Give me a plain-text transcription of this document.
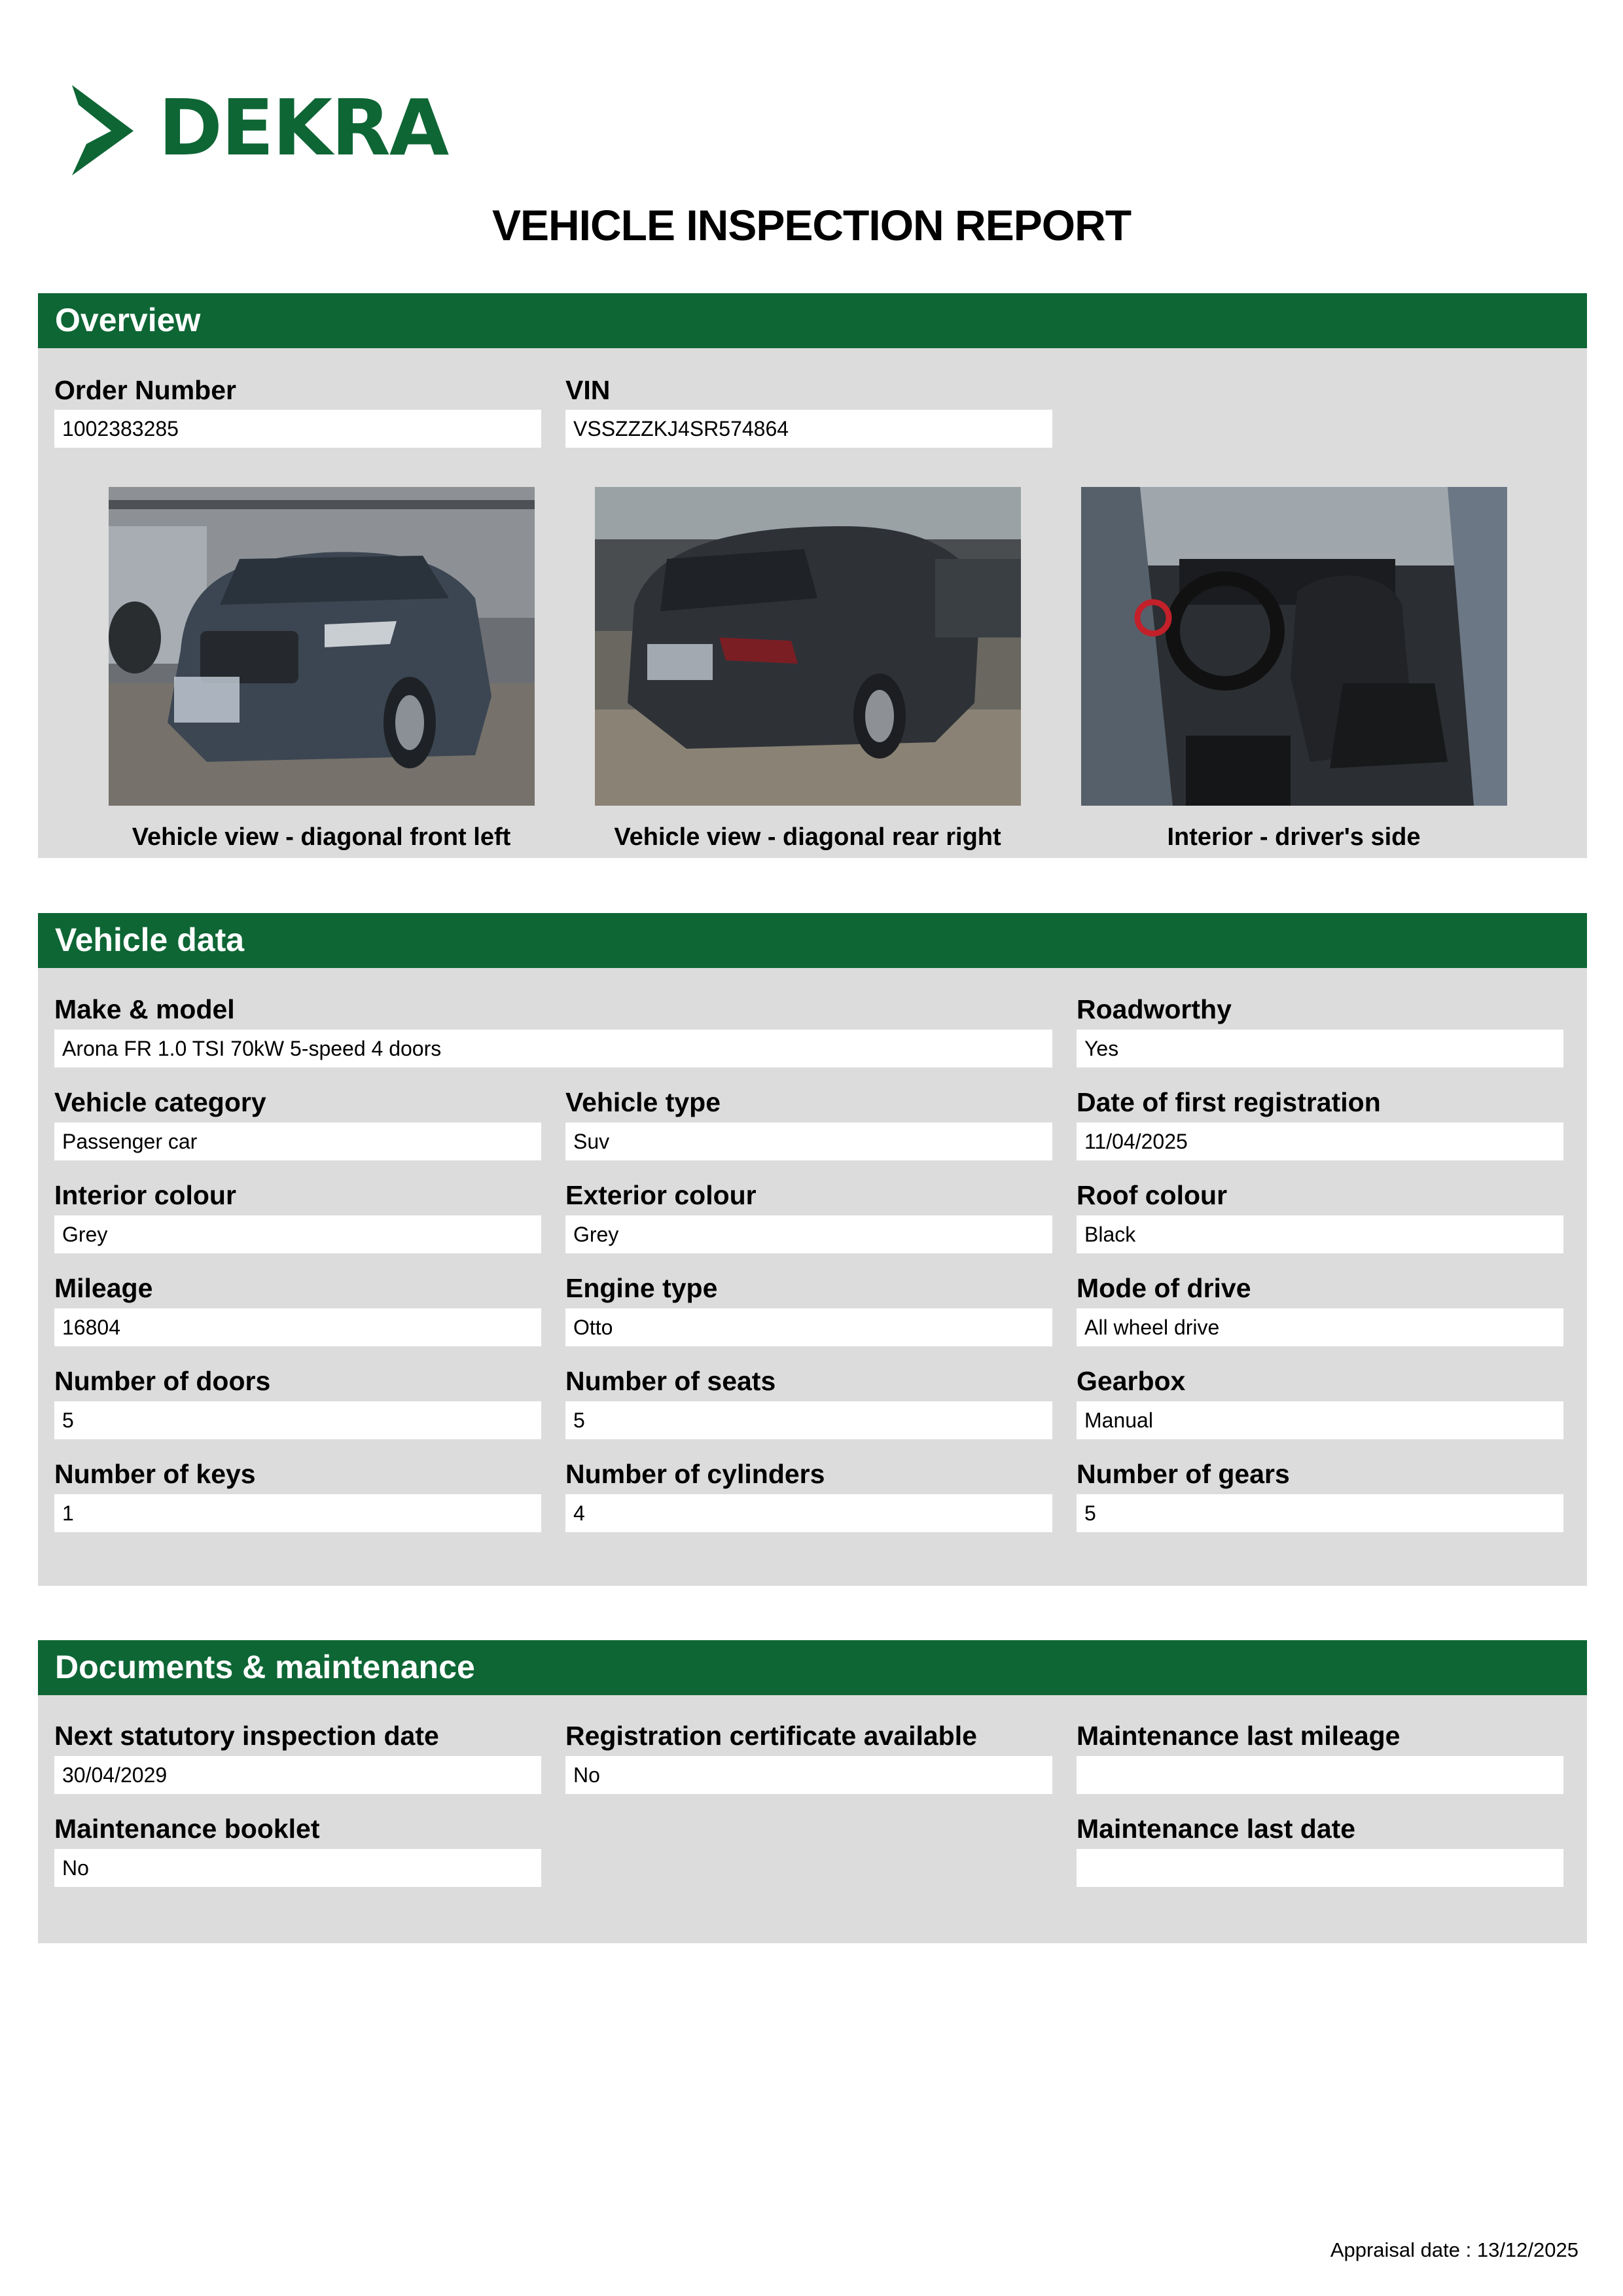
DEKRA
VEHICLE INSPECTION REPORT
Overview
Order Number
1002383285
VIN
VSSZZZKJ4SR574864
Vehicle view - diagonal front left	Vehicle view - diagonal rear right	Interior - driver's side
Vehicle data
Make & model
Arona FR 1.0 TSI 70kW 5-speed 4 doors
Roadworthy
Yes
Vehicle category
Passenger car
Vehicle type
Suv
Date of first registration
11/04/2025
Interior colour
Grey
Exterior colour
Grey
Roof colour
Black
Mileage
16804
Engine type
Otto
Mode of drive
All wheel drive
Number of doors
5
Number of seats
5
Gearbox
Manual
Number of keys
1
Number of cylinders
4
Number of gears
5
Documents & maintenance
Next statutory inspection date
30/04/2029
Registration certificate available
No
Maintenance last mileage
Maintenance booklet
No
Maintenance last date
Appraisal date : 13/12/2025
